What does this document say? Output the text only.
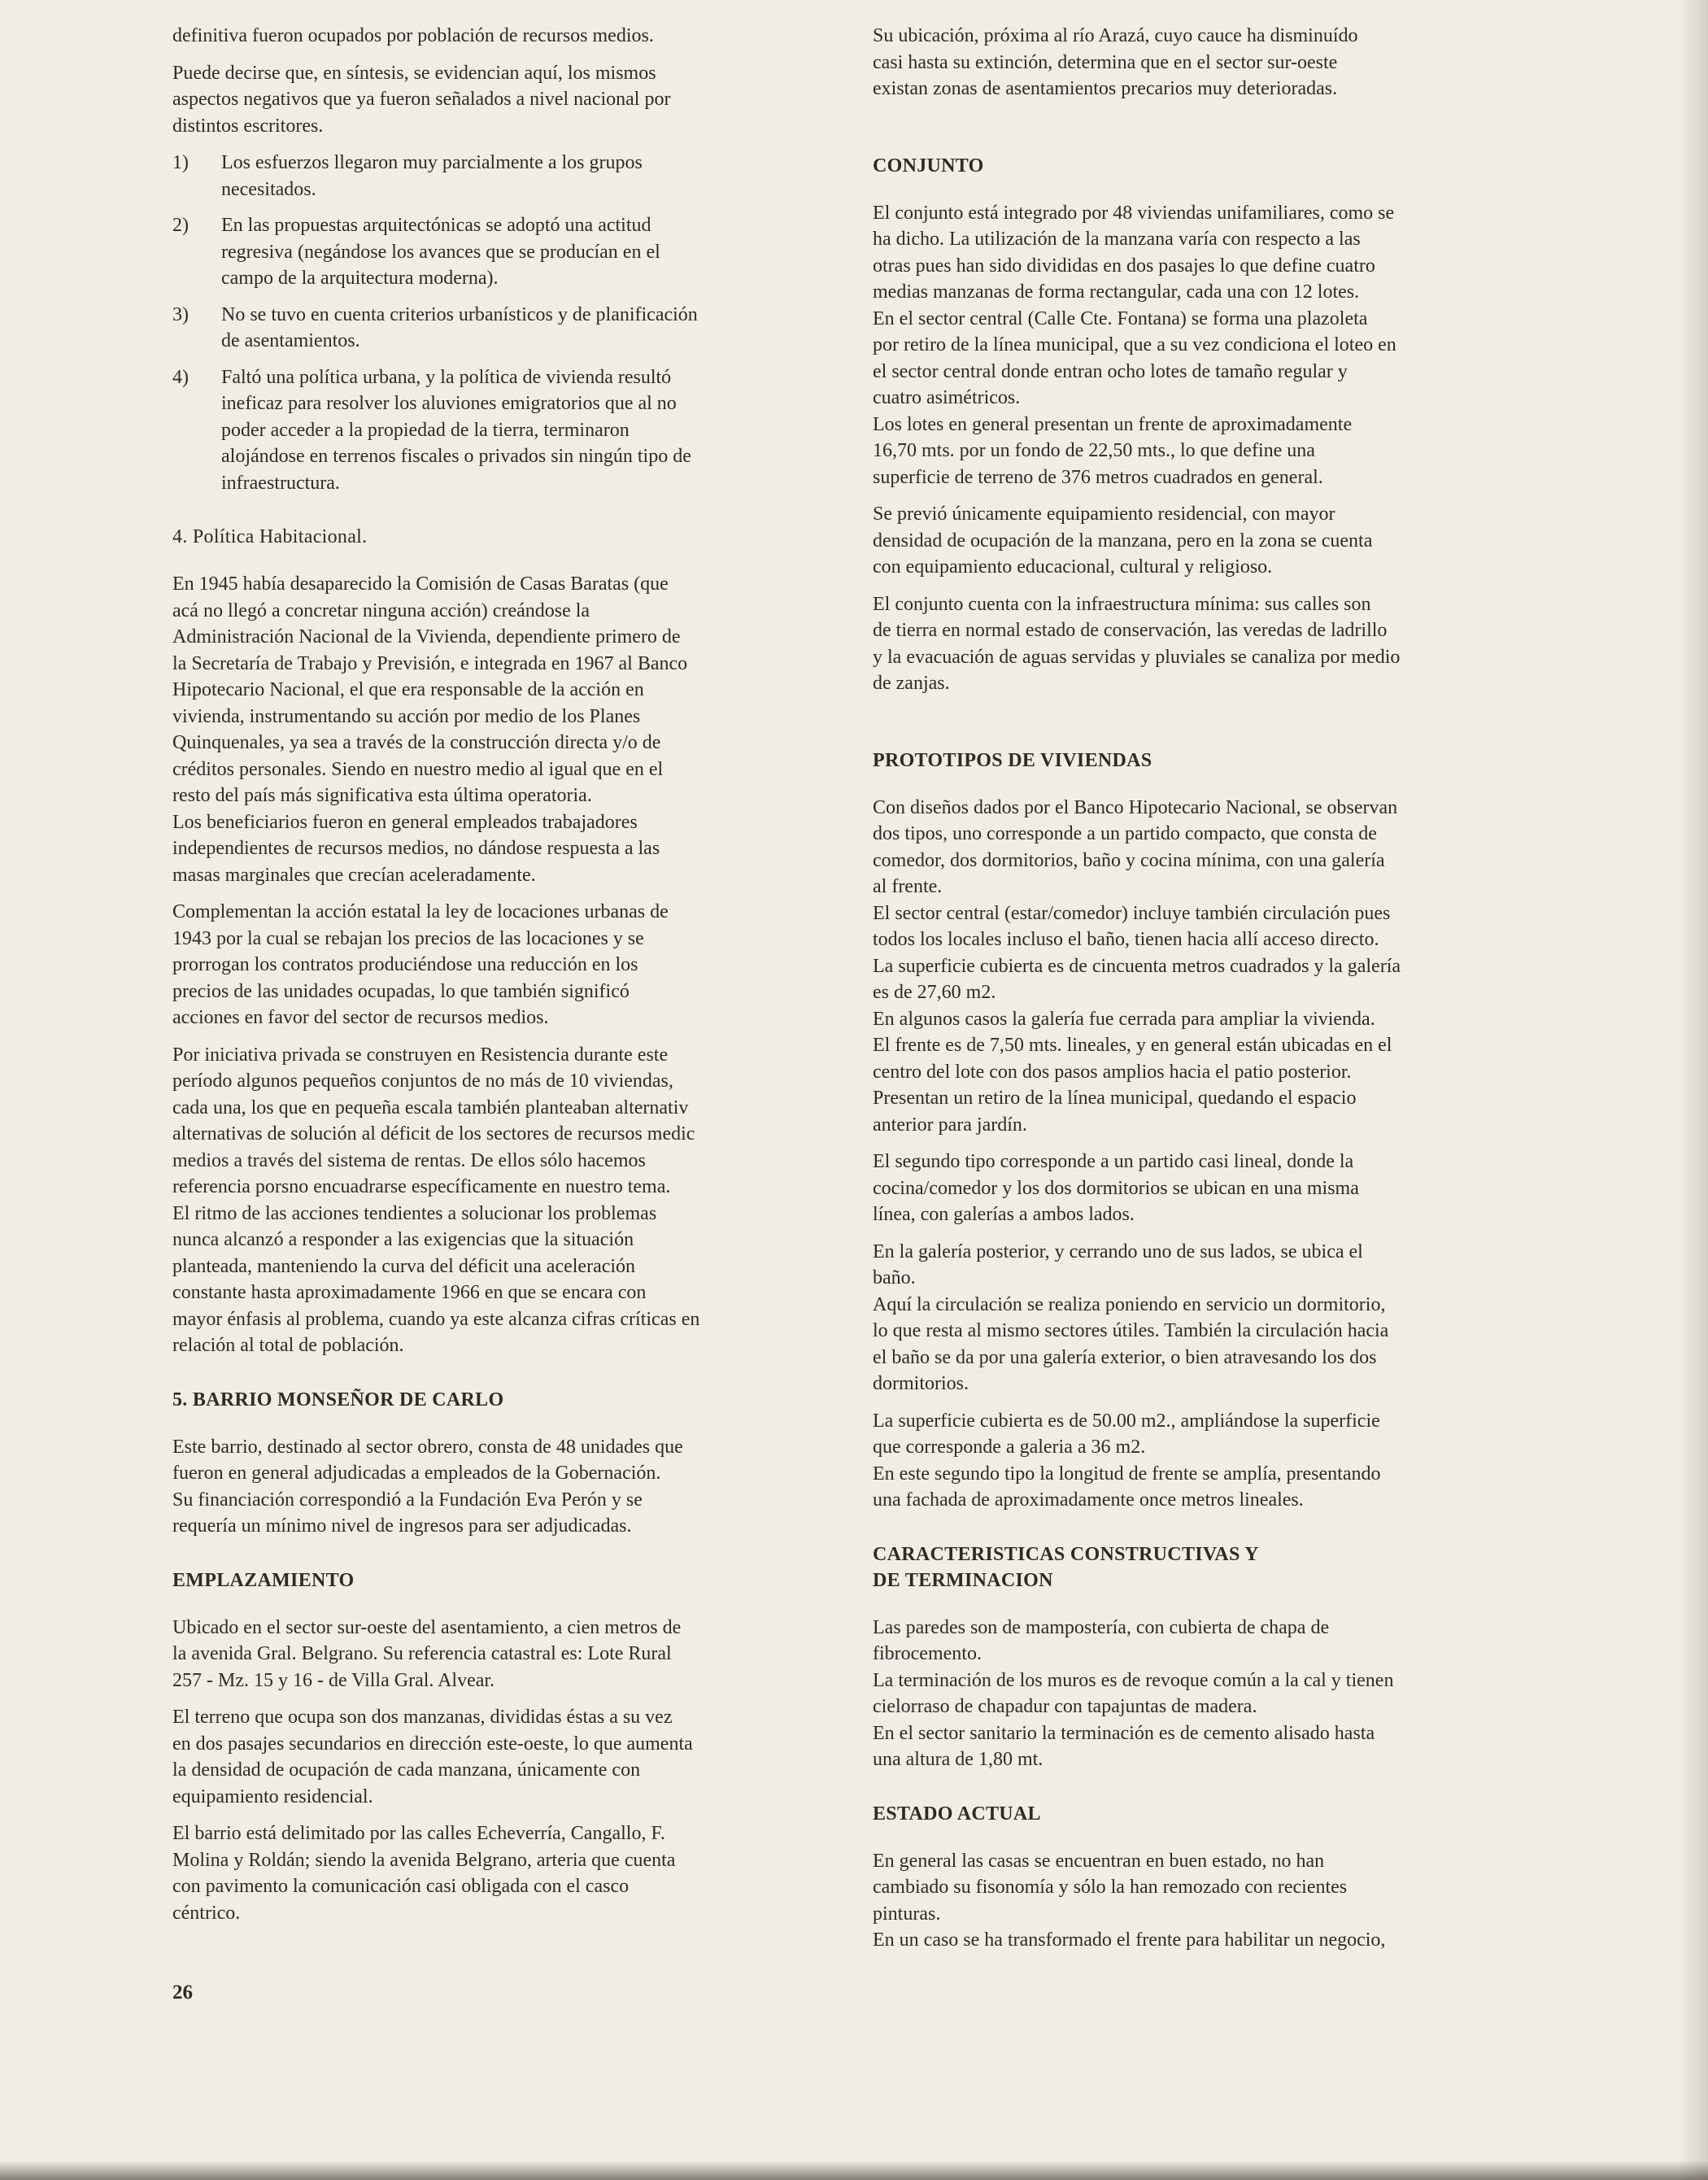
definitiva fueron ocupados por población de recursos medios.

Puede decirse que, en síntesis, se evidencian aquí, los mismos
aspectos negativos que ya fueron señalados a nivel nacional por
distintos escritores.

1)	Los esfuerzos llegaron muy parcialmente a los grupos
necesitados.
2)	En las propuestas arquitectónicas se adoptó una actitud
regresiva (negándose los avances que se producían en el
campo de la arquitectura moderna).
3)	No se tuvo en cuenta criterios urbanísticos y de planificación
de asentamientos.
4)	Faltó una política urbana, y la política de vivienda resultó
ineficaz para resolver los aluviones emigratorios que al no
poder acceder a la propiedad de la tierra, terminaron
alojándose en terrenos fiscales o privados sin ningún tipo de
infraestructura.
4. Política Habitacional.

En 1945 había desaparecido la Comisión de Casas Baratas (que
acá no llegó a concretar ninguna acción) creándose la
Administración Nacional de la Vivienda, dependiente primero de
la Secretaría de Trabajo y Previsión, e integrada en 1967 al Banco
Hipotecario Nacional, el que era responsable de la acción en
vivienda, instrumentando su acción por medio de los Planes
Quinquenales, ya sea a través de la construcción directa y/o de
créditos personales. Siendo en nuestro medio al igual que en el
resto del país más significativa esta última operatoria.
Los beneficiarios fueron en general empleados trabajadores
independientes de recursos medios, no dándose respuesta a las
masas marginales que crecían aceleradamente.

Complementan la acción estatal la ley de locaciones urbanas de
1943 por la cual se rebajan los precios de las locaciones y se
prorrogan los contratos produciéndose una reducción en los
precios de las unidades ocupadas, lo que también significó
acciones en favor del sector de recursos medios.

Por iniciativa privada se construyen en Resistencia durante este
período algunos pequeños conjuntos de no más de 10 viviendas,
cada una, los que en pequeña escala también planteaban alternativ
alternativas de solución al déficit de los sectores de recursos medic
medios a través del sistema de rentas. De ellos sólo hacemos
referencia porsno encuadrarse específicamente en nuestro tema.
El ritmo de las acciones tendientes a solucionar los problemas
nunca alcanzó a responder a las exigencias que la situación
planteada, manteniendo la curva del déficit una aceleración
constante hasta aproximadamente 1966 en que se encara con
mayor énfasis al problema, cuando ya este alcanza cifras críticas en
relación al total de población.

5. BARRIO MONSEÑOR DE CARLO

Este barrio, destinado al sector obrero, consta de 48 unidades que
fueron en general adjudicadas a empleados de la Gobernación.
Su financiación correspondió a la Fundación Eva Perón y se
requería un mínimo nivel de ingresos para ser adjudicadas.

EMPLAZAMIENTO

Ubicado en el sector sur-oeste del asentamiento, a cien metros de
la avenida Gral. Belgrano. Su referencia catastral es: Lote Rural
257 - Mz. 15 y 16 - de Villa Gral. Alvear.

El terreno que ocupa son dos manzanas, divididas éstas a su vez
en dos pasajes secundarios en dirección este-oeste, lo que aumenta
la densidad de ocupación de cada manzana, únicamente con
equipamiento residencial.

El barrio está delimitado por las calles Echeverría, Cangallo, F.
Molina y Roldán; siendo la avenida Belgrano, arteria que cuenta
con pavimento la comunicación casi obligada con el casco
céntrico.

Su ubicación, próxima al río Arazá, cuyo cauce ha disminuído
casi hasta su extinción, determina que en el sector sur-oeste
existan zonas de asentamientos precarios muy deterioradas.

CONJUNTO

El conjunto está integrado por 48 viviendas unifamiliares, como se
ha dicho. La utilización de la manzana varía con respecto a las
otras pues han sido divididas en dos pasajes lo que define cuatro
medias manzanas de forma rectangular, cada una con 12 lotes.
En el sector central (Calle Cte. Fontana) se forma una plazoleta
por retiro de la línea municipal, que a su vez condiciona el loteo en
el sector central donde entran ocho lotes de tamaño regular y
cuatro asimétricos.
Los lotes en general presentan un frente de aproximadamente
16,70 mts. por un fondo de 22,50 mts., lo que define una
superficie de terreno de 376 metros cuadrados en general.

Se previó únicamente equipamiento residencial, con mayor
densidad de ocupación de la manzana, pero en la zona se cuenta
con equipamiento educacional, cultural y religioso.

El conjunto cuenta con la infraestructura mínima: sus calles son
de tierra en normal estado de conservación, las veredas de ladrillo
y la evacuación de aguas servidas y pluviales se canaliza por medio
de zanjas.

PROTOTIPOS DE VIVIENDAS

Con diseños dados por el Banco Hipotecario Nacional, se observan
dos tipos, uno corresponde a un partido compacto, que consta de
comedor, dos dormitorios, baño y cocina mínima, con una galería
al frente.
El sector central (estar/comedor) incluye también circulación pues
todos los locales incluso el baño, tienen hacia allí acceso directo.
La superficie cubierta es de cincuenta metros cuadrados y la galería
es de 27,60 m2.
En algunos casos la galería fue cerrada para ampliar la vivienda.
El frente es de 7,50 mts. lineales, y en general están ubicadas en el
centro del lote con dos pasos amplios hacia el patio posterior.
Presentan un retiro de la línea municipal, quedando el espacio
anterior para jardín.

El segundo tipo corresponde a un partido casi lineal, donde la
cocina/comedor y los dos dormitorios se ubican en una misma
línea, con galerías a ambos lados.

En la galería posterior, y cerrando uno de sus lados, se ubica el
baño.
Aquí la circulación se realiza poniendo en servicio un dormitorio,
lo que resta al mismo sectores útiles. También la circulación hacia
el baño se da por una galería exterior, o bien atravesando los dos
dormitorios.

La superficie cubierta es de 50.00 m2., ampliándose la superficie
que corresponde a galeria a 36 m2.
En este segundo tipo la longitud de frente se amplía, presentando
una fachada de aproximadamente once metros lineales.

CARACTERISTICAS CONSTRUCTIVAS Y
DE TERMINACION

Las paredes son de mampostería, con cubierta de chapa de
fibrocemento.
La terminación de los muros es de revoque común a la cal y tienen
cielorraso de chapadur con tapajuntas de madera.
En el sector sanitario la terminación es de cemento alisado hasta
una altura de 1,80 mt.

ESTADO ACTUAL

En general las casas se encuentran en buen estado, no han
cambiado su fisonomía y sólo la han remozado con recientes
pinturas.
En un caso se ha transformado el frente para habilitar un negocio,

26
